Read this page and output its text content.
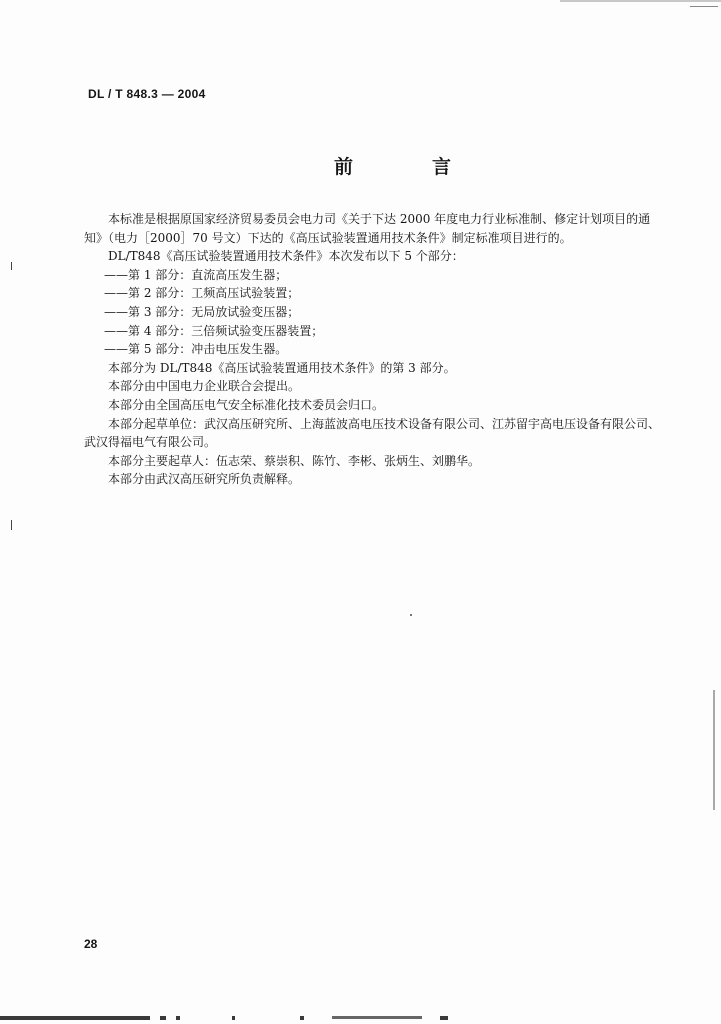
DL / T 848.3 — 2004
前　言

本标准是根据原国家经济贸易委员会电力司《关于下达 2000 年度电力行业标准制、修定计划项目的通知》（电力［2000］70 号文）下达的《高压试验装置通用技术条件》制定标准项目进行的。

DL/T848《高压试验装置通用技术条件》本次发布以下 5 个部分：

——第 1 部分：直流高压发生器；

——第 2 部分：工频高压试验装置；

——第 3 部分：无局放试验变压器；

——第 4 部分：三倍频试验变压器装置；

——第 5 部分：冲击电压发生器。

本部分为 DL/T848《高压试验装置通用技术条件》的第 3 部分。

本部分由中国电力企业联合会提出。

本部分由全国高压电气安全标准化技术委员会归口。

本部分起草单位：武汉高压研究所、上海蓝波高电压技术设备有限公司、江苏留宇高电压设备有限公司、武汉得福电气有限公司。

本部分主要起草人：伍志荣、蔡崇积、陈竹、李彬、张炳生、刘鹏华。

本部分由武汉高压研究所负责解释。

28
